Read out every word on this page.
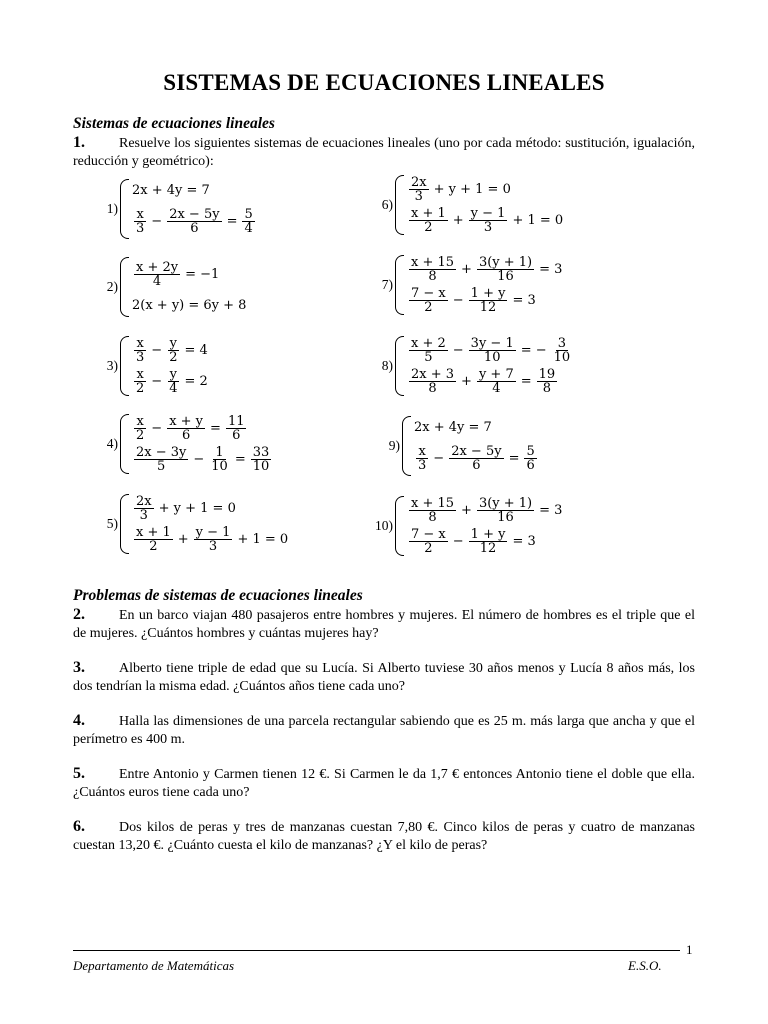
SISTEMAS DE ECUACIONES LINEALES
Sistemas de ecuaciones lineales
1. Resuelve los siguientes sistemas de ecuaciones lineales (uno por cada método: sustitución, igualación, reducción y geométrico):
1)
2x + 4y = 7
x
$3 - \frac{2x - 5y}{6} = \frac{5}{4}$
$2) \frac{x + 2y}{4} = -1$
2(x + y) = 6y + 8
3)
x
$3 - \frac{y}{2} = 4$
x
$2 - \frac{y}{4} = 2$
4)
x
$2 - \frac{x + y}{6} = \frac{11}{6}$
2x − 3y
$5 - \frac{1}{10} = \frac{33}{10}$
5)
2x
3 + y + 1 = 0
x + 1
$2 + \frac{y - 1}{3} + 1 = 0$
6)
2x
3 + y + 1 = 0
x + 1
$2 + \frac{y - 1}{3} + 1 = 0$
7)
x + 15
$8 + \frac{3(y + 1)}{16} = 3$
7 − x
$2 - \frac{1 + y}{12} = 3$
8)
x + 2
$5 - \frac{3y - 1}{10}$ = − $\frac{3}{10}$
2x + 3
$8 + \frac{y + 7}{4} = \frac{19}{8}$
9)
2x + 4y = 7
x
$3 - \frac{2x - 5y}{6} = \frac{5}{6}$
10)
x + 15
$8 + \frac{3(y + 1)}{16} = 3$
7 − x
$2 - \frac{1 + y}{12} = 3$
Problemas de sistemas de ecuaciones lineales
2. En un barco viajan 480 pasajeros entre hombres y mujeres. El número de hombres es el triple que el de mujeres. ¿Cuántos hombres y cuántas mujeres hay?
3. Alberto tiene triple de edad que su Lucía. Si Alberto tuviese 30 años menos y Lucía 8 años más, los dos tendrían la misma edad. ¿Cuántos años tiene cada uno?
4. Halla las dimensiones de una parcela rectangular sabiendo que es 25 m. más larga que ancha y que el perímetro es 400 m.
5. Entre Antonio y Carmen tienen 12 €. Si Carmen le da 1,7 € entonces Antonio tiene el doble que ella. ¿Cuántos euros tiene cada uno?
6. Dos kilos de peras y tres de manzanas cuestan 7,80 €. Cinco kilos de peras y cuatro de manzanas cuestan 13,20 €. ¿Cuánto cuesta el kilo de manzanas? ¿Y el kilo de peras?
1
Departamento de Matemáticas	E.S.O.
